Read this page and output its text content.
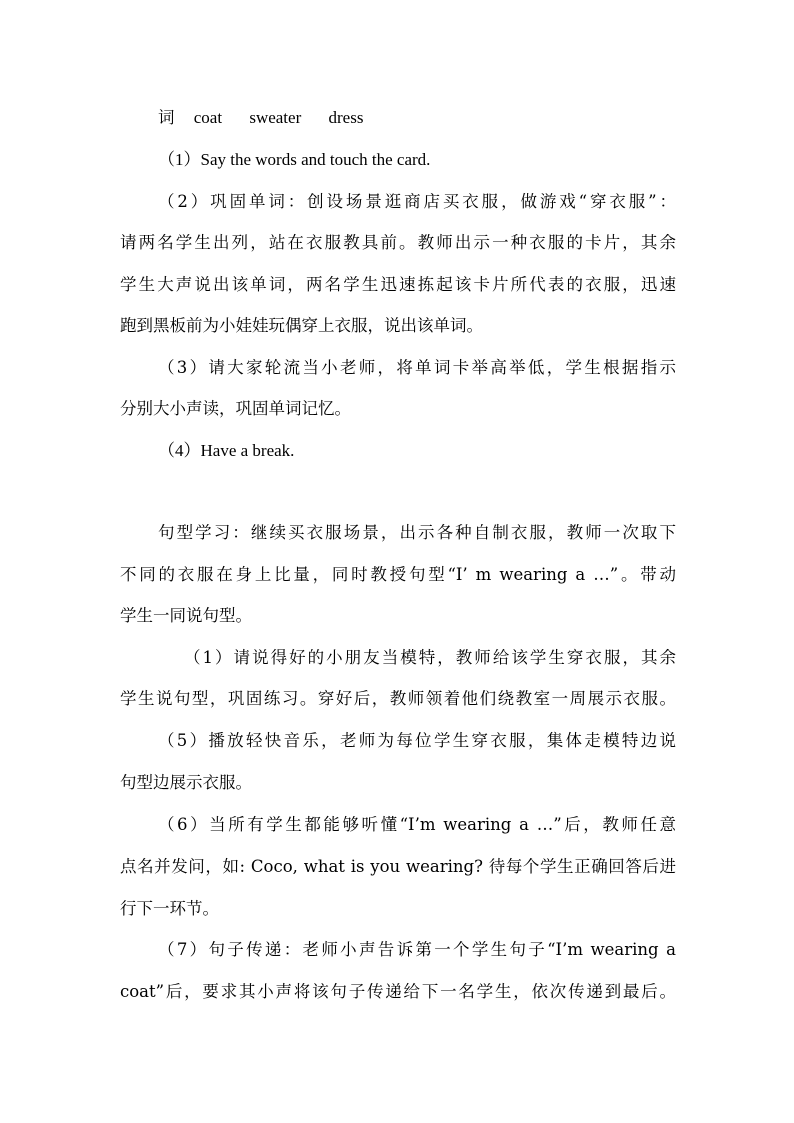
词 coat sweater dress
（1）Say the words and touch the card.
（2）巩固单词：创设场景逛商店买衣服，做游戏“穿衣服”：
请两名学生出列，站在衣服教具前。教师出示一种衣服的卡片，其余
学生大声说出该单词，两名学生迅速拣起该卡片所代表的衣服，迅速
跑到黑板前为小娃娃玩偶穿上衣服，说出该单词。
（3）请大家轮流当小老师，将单词卡举高举低，学生根据指示
分别大小声读，巩固单词记忆。
（4）Have a break.
句型学习：继续买衣服场景，出示各种自制衣服，教师一次取下
不同的衣服在身上比量，同时教授句型“I’ m wearing a …”。带动
学生一同说句型。
（1）请说得好的小朋友当模特，教师给该学生穿衣服，其余
学生说句型，巩固练习。穿好后，教师领着他们绕教室一周展示衣服。
（5）播放轻快音乐，老师为每位学生穿衣服，集体走模特边说
句型边展示衣服。
（6）当所有学生都能够听懂“I’m wearing a …”后，教师任意
点名并发问，如: Coco, what is you wearing? 待每个学生正确回答后进
行下一环节。
（7）句子传递：老师小声告诉第一个学生句子“I’m wearing a
coat”后，要求其小声将该句子传递给下一名学生，依次传递到最后。
